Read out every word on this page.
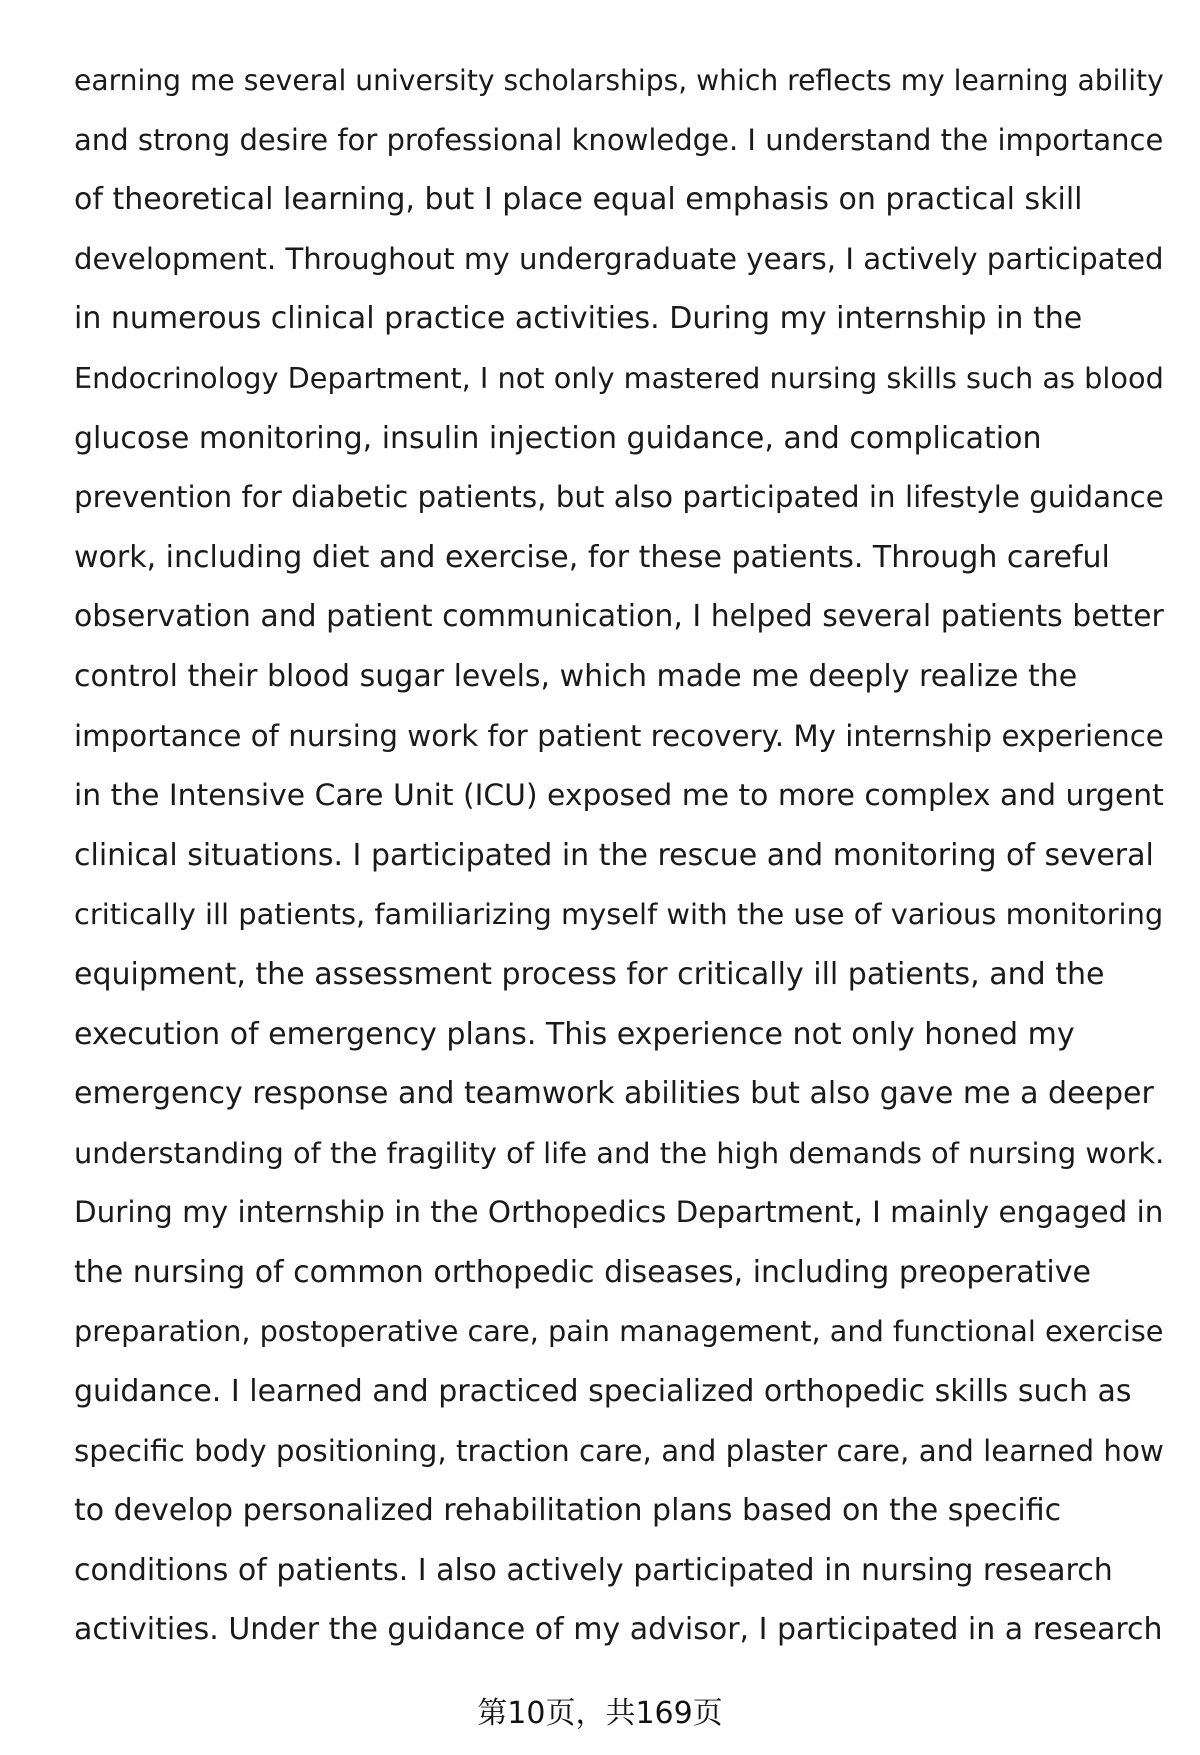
earning me several university scholarships, which reflects my learning ability
and strong desire for professional knowledge. I understand the importance
of theoretical learning, but I place equal emphasis on practical skill
development. Throughout my undergraduate years, I actively participated
in numerous clinical practice activities. During my internship in the
Endocrinology Department, I not only mastered nursing skills such as blood
glucose monitoring, insulin injection guidance, and complication
prevention for diabetic patients, but also participated in lifestyle guidance
work, including diet and exercise, for these patients. Through careful
observation and patient communication, I helped several patients better
control their blood sugar levels, which made me deeply realize the
importance of nursing work for patient recovery. My internship experience
in the Intensive Care Unit (ICU) exposed me to more complex and urgent
clinical situations. I participated in the rescue and monitoring of several
critically ill patients, familiarizing myself with the use of various monitoring
equipment, the assessment process for critically ill patients, and the
execution of emergency plans. This experience not only honed my
emergency response and teamwork abilities but also gave me a deeper
understanding of the fragility of life and the high demands of nursing work.
During my internship in the Orthopedics Department, I mainly engaged in
the nursing of common orthopedic diseases, including preoperative
preparation, postoperative care, pain management, and functional exercise
guidance. I learned and practiced specialized orthopedic skills such as
specific body positioning, traction care, and plaster care, and learned how
to develop personalized rehabilitation plans based on the specific
conditions of patients. I also actively participated in nursing research
activities. Under the guidance of my advisor, I participated in a research
第10页，共169页
